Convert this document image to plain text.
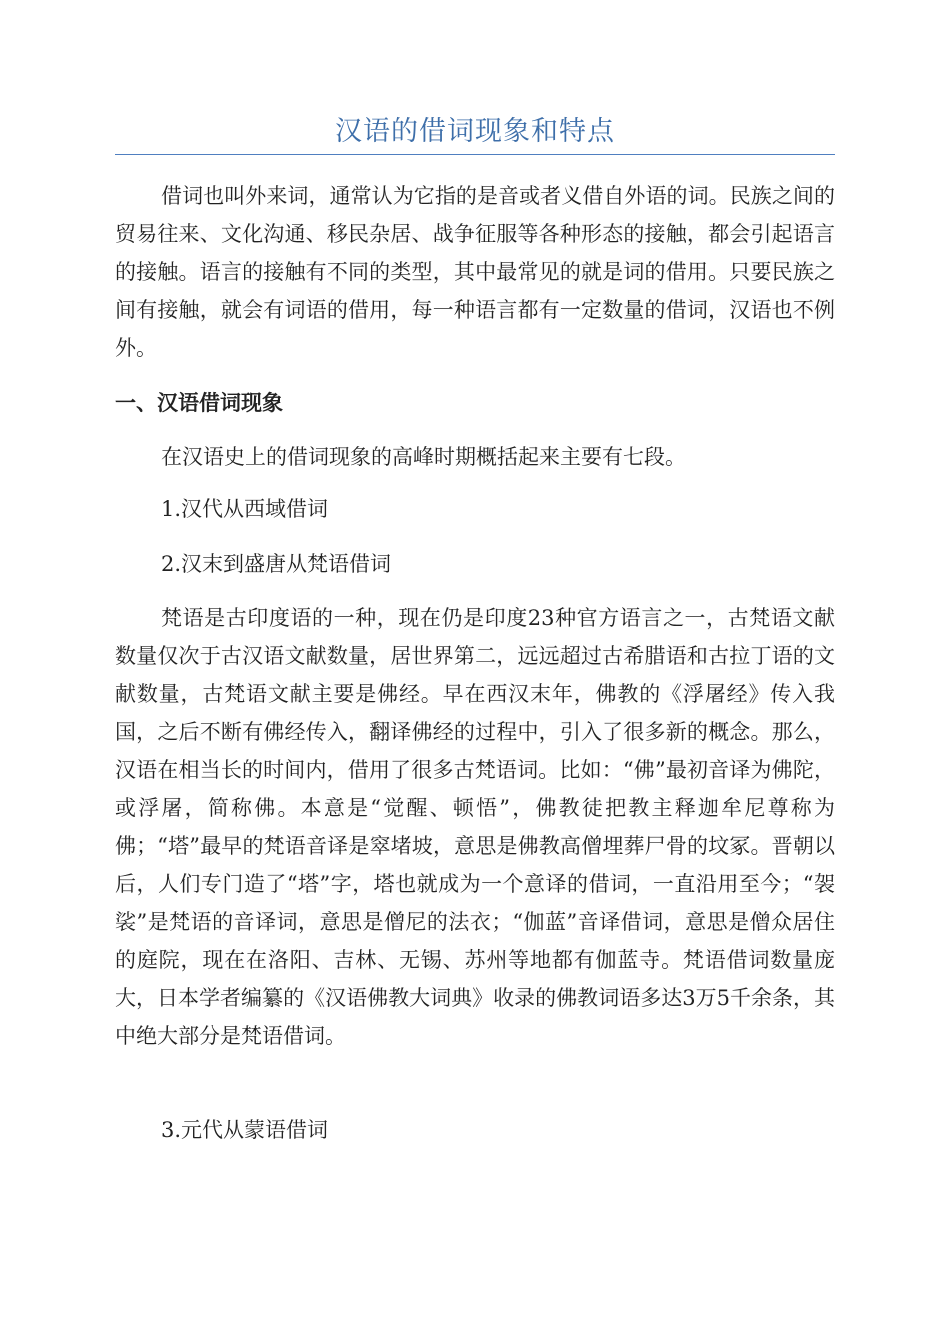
汉语的借词现象和特点

借词也叫外来词，通常认为它指的是音或者义借自外语的词。民族之间的贸易往来、文化沟通、移民杂居、战争征服等各种形态的接触，都会引起语言的接触。语言的接触有不同的类型，其中最常见的就是词的借用。只要民族之间有接触，就会有词语的借用，每一种语言都有一定数量的借词，汉语也不例外。

一、汉语借词现象

在汉语史上的借词现象的高峰时期概括起来主要有七段。

1.汉代从西域借词

2.汉末到盛唐从梵语借词

梵语是古印度语的一种，现在仍是印度23种官方语言之一，古梵语文献数量仅次于古汉语文献数量，居世界第二，远远超过古希腊语和古拉丁语的文献数量，古梵语文献主要是佛经。早在西汉末年，佛教的《浮屠经》传入我国，之后不断有佛经传入，翻译佛经的过程中，引入了很多新的概念。那么，汉语在相当长的时间内，借用了很多古梵语词。比如：“佛”最初音译为佛陀，或浮屠，简称佛。本意是“觉醒、顿悟”，佛教徒把教主释迦牟尼尊称为佛；“塔”最早的梵语音译是窣堵坡，意思是佛教高僧埋葬尸骨的坟冢。晋朝以后，人们专门造了“塔”字，塔也就成为一个意译的借词，一直沿用至今；“袈裟”是梵语的音译词，意思是僧尼的法衣；“伽蓝”音译借词，意思是僧众居住的庭院，现在在洛阳、吉林、无锡、苏州等地都有伽蓝寺。梵语借词数量庞大，日本学者编纂的《汉语佛教大词典》收录的佛教词语多达3万5千余条，其中绝大部分是梵语借词。

3.元代从蒙语借词
